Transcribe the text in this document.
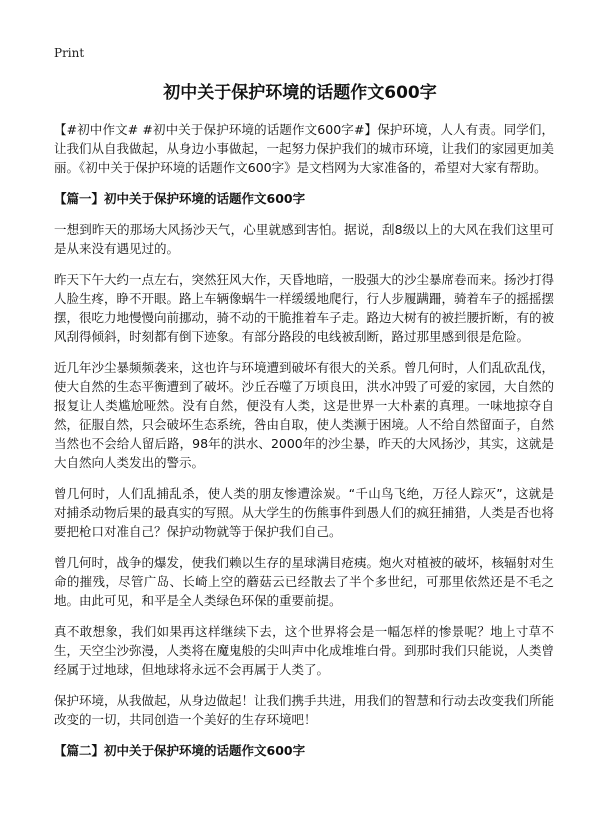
Print
初中关于保护环境的话题作文600字

【#初中作文# #初中关于保护环境的话题作文600字#】保护环境，人人有责。同学们，让我们从自我做起，从身边小事做起，一起努力保护我们的城市环境，让我们的家园更加美丽。《初中关于保护环境的话题作文600字》是文档网为大家准备的，希望对大家有帮助。

【篇一】初中关于保护环境的话题作文600字

一想到昨天的那场大风扬沙天气，心里就感到害怕。据说，刮8级以上的大风在我们这里可是从来没有遇见过的。

昨天下午大约一点左右，突然狂风大作，天昏地暗，一股强大的沙尘暴席卷而来。扬沙打得人脸生疼，睁不开眼。路上车辆像蜗牛一样缓缓地爬行，行人步履蹒跚，骑着车子的摇摇摆摆，很吃力地慢慢向前挪动，骑不动的干脆推着车子走。路边大树有的被拦腰折断，有的被风刮得倾斜，时刻都有倒下迹象。有部分路段的电线被刮断，路过那里感到很是危险。

近几年沙尘暴频频袭来，这也许与环境遭到破坏有很大的关系。曾几何时，人们乱砍乱伐，使大自然的生态平衡遭到了破坏。沙丘吞噬了万顷良田，洪水冲毁了可爱的家园，大自然的报复让人类尴尬哑然。没有自然，便没有人类，这是世界一大朴素的真理。一味地掠夺自然，征服自然，只会破坏生态系统，咎由自取，使人类濒于困境。人不给自然留面子，自然当然也不会给人留后路，98年的洪水、2000年的沙尘暴，昨天的大风扬沙，其实，这就是大自然向人类发出的警示。

曾几何时，人们乱捕乱杀，使人类的朋友惨遭涂炭。“千山鸟飞绝，万径人踪灭”，这就是对捕杀动物后果的最真实的写照。从大学生的伤熊事件到愚人们的疯狂捕猎，人类是否也将要把枪口对准自己？保护动物就等于保护我们自己。

曾几何时，战争的爆发，使我们赖以生存的星球满目疮痍。炮火对植被的破坏，核辐射对生命的摧残，尽管广岛、长崎上空的蘑菇云已经散去了半个多世纪，可那里依然还是不毛之地。由此可见，和平是全人类绿色环保的重要前提。

真不敢想象，我们如果再这样继续下去，这个世界将会是一幅怎样的惨景呢？地上寸草不生，天空尘沙弥漫，人类将在魔鬼般的尖叫声中化成堆堆白骨。到那时我们只能说，人类曾经属于过地球，但地球将永远不会再属于人类了。

保护环境，从我做起，从身边做起！让我们携手共进，用我们的智慧和行动去改变我们所能改变的一切，共同创造一个美好的生存环境吧！

【篇二】初中关于保护环境的话题作文600字
